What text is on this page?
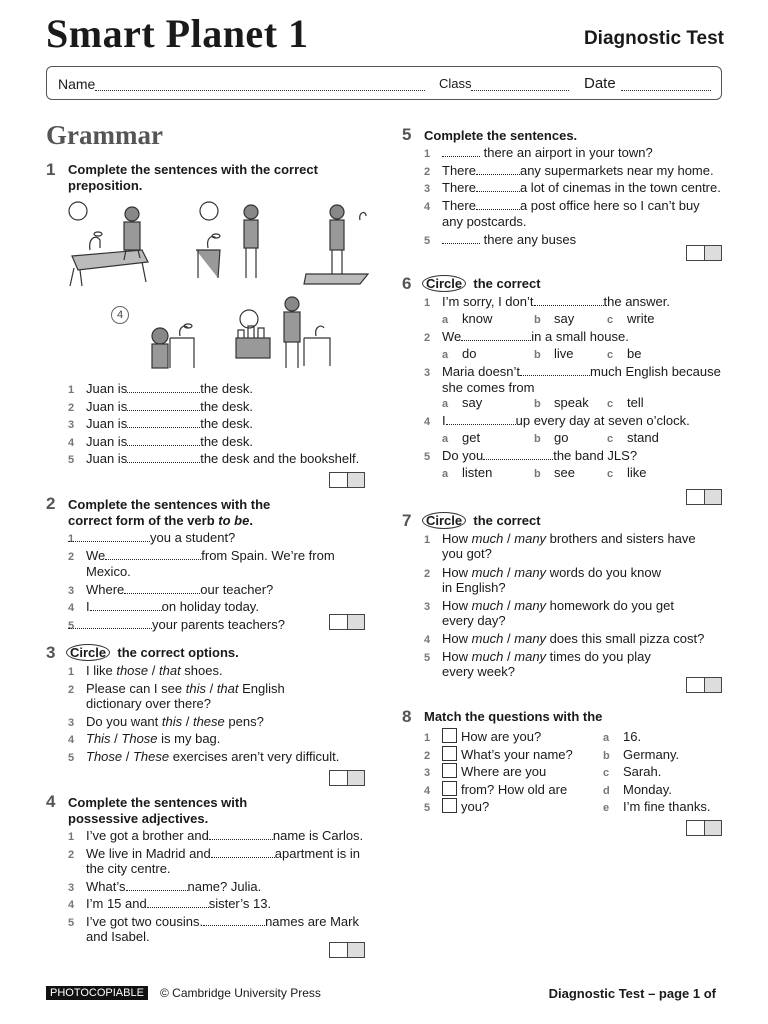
Smart Planet 1	Diagnostic Test
Name	Class	Date
Grammar
1 Complete the sentences with the correct preposition.
4
1 Juan is	the desk.
2 Juan is	the desk.
3 Juan is	the desk.
4 Juan is	the desk.
5 Juan is	the desk and the bookshelf.
2 Complete the sentences with the
correct form of the verb to be.
1	you a student?
2 We	from Spain. We’re from
Mexico.
3 Where	our teacher?
4 I	on holiday today.
5	your parents teachers?
3	Circle the correct options.
1 I like those / that shoes.
2 Please can I see this / that English
dictionary over there?
3 Do you want this / these pens?
4 This / Those is my bag.
5 Those / These exercises aren’t very difficult.
4 Complete the sentences with
possessive adjectives.
1 I’ve got a brother and	name is Carlos.
2 We live in Madrid and	apartment is in
the city centre.
3 What’s	name? Julia.
4 I’m 15 and	sister’s 13.
5 I’ve got two cousins.	names are Mark
and Isabel.
5 Complete the sentences.
1	there an airport in your town?
2 There	any supermarkets near my home.
3 There	a lot of cinemas in the town centre.
4 There	a post office here so I can’t buy
any postcards.
5	there any buses
6	Circle the correct
1 I’m sorry, I don’t	the answer.
a know	b say	c write
2 We	in a small house.
a do	b live	c be
3 Maria doesn’t	much English because
she comes from
a say	b speak c tell
4 I	up every day at seven o’clock.
a get	b go	c stand
5 Do you	the band JLS?
a listen	b see	c like
7	Circle the correct
1 How much / many brothers and sisters have
you got?
2 How much / many words do you know
in English?
3 How much / many homework do you get
every day?
4 How much / many does this small pizza cost?
5 How much / many times do you play
every week?
8 Match the questions with the
1 How are you?	a 16.
2 What’s your name?	b Germany.
3 Where are you	c Sarah.
4 from? How old are	d Monday.
5 you?	e I’m fine thanks.
PHOTOCOPIABLE	© Cambridge University Press	Diagnostic Test – page 1 of
